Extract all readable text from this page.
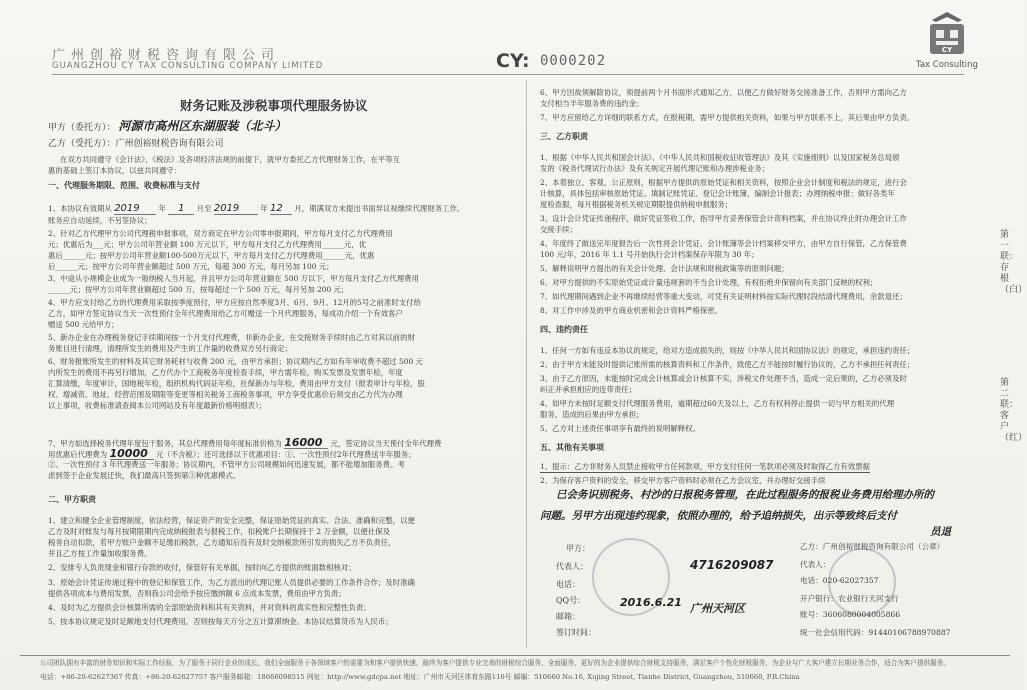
广州创裕财税咨询有限公司
GUANGZHOU CY TAX CONSULTING COMPANY LIMITED	CY: 0000202
CY
Tax Consulting
财务记账及涉税事项代理服务协议
甲方（委托方）： 河源市高州区东湖服装（北斗）
乙方（受托方）：广州创裕财税咨询有限公司
在双方共同遵守《会计法》、《税法》及各项经济法规的前提下，就甲方委托乙方代理财务工作，在平等互
惠的基础上签订本协议，以兹共同遵守：
一、代理服务期限、范围、收费标准与支付
1、本协议有效期从 2019	年 1 月至 2019	年 12 月，期满双方未提出书面异议视继续代理财务工作。
账务应自动延续，不另签协议；
2、针对乙方代理甲方公司代理税申报事项，双方商定在甲方公司零申报期间，甲方每月支付乙方代理费用
元；优惠后为___元；甲方公司年营业额 100 万元以下，甲方每月支付乙方代理费用______元，优
惠后______元；按甲方公司年营业额100-500万元以下，甲方每月支付乙方代理费用______元，优惠
后______元；按甲方公司年营业额超过 500 万元，每超 300 万元，每月另加 100 元；
3、中途从小规模企业成为一般纳税人当月起，并且甲方公司年营业额在 500 万以下，甲方每月支付乙方代理费用
______元；按甲方公司年营业额超过 500 万，按每超过一个 500 万元，每月另加 200 元；
4、甲方应支付给乙方的代理费用采取按季度预付，甲方应按自然季度3月、6月、9月、12月的5号之前准时支付给
乙方，如甲方签定协议当天一次性预付全年代理费用给乙方可赠送一个月代理服务，每成功介绍一个有效客户
赠送 500 元给甲方；
5、新办企业在办理税务登记手续期间按一个月支付代理费，非新办企业，在交接财务手续时由乙方对其以前的财
务账目进行清理，清理所发生的费用及产生的工作量的收费双方另行商定；
6、财务报账所发生的材料及其它财务耗材与收费 200 元，由甲方承担；协议期内乙方如有年审收费不超过 500 元
内所发生的费用不再另行增加，乙方代办个工商税务年度检查手续，甲方需年检，购买发票及发票年检，年度
汇算清缴，年度审计，国地税年检，组织机构代码证年检，社保新办与年检，费用由甲方支付（报表审计与年检，股
权、增减资、地址、经营范围及期限等变更等相关税务工商税务事项，甲方享受优惠价后须交由乙方代为办理
以上事项，收费标准请查阅本公司网站及有年度最新价格明细表）；
7、甲方如选择税务代理年度包干服务，其总代理费用每年度标准价格为 16000 元，签定协议当天预付全年代理费
用优惠后代理费为 10000 元（不含税）；还可选择以下优惠项目：①、一次性预付2年代理费送半年服务；
②、一次性预付 3 年代理费送一年服务；协议期内，不管甲方公司规模如何迅速发展，都不能增加服务费。考
虑到签于企业发展迁快，我们最高只签到第③种优惠模式。
二、甲方职责
1、建立和健全企业管理制度，依法经营，保证资产的安全完整，保证原始凭证的真实、合法、准确和完整，以便
乙方及时对账发与每月按期限期内完成纳税报表与报税工作，扣税账户长期保持于 2 万金额，以便社保及
税务自动扣款，若甲方账户金额不足缴扣税款，乙方通知后没有及时交纳税款所引发的损失乙方不负责任，
并且乙方按工作量加收服务费。
2、安排专人负责现金和银行存款的收付，保管好有关单据，按时向乙方提供的账面数相核对；
3、原始会计凭证传递过程中的登记和保管工作，为乙方派出的代理记账人员提供必要的工作条件合作；及时准确
提供各项成本与费用发票，否则我公司会给予按应缴纳额 6 点成本发票，费用由甲方负责；
4、及时为乙方提供会计核算所需的全部原始资料和其有关资料，并对资料的真实性和完整性负责；
5、按本协议规定及时足额地支付代理费用，否则按每天万分之五计算滞纳金。本协议结算货币为人民币；
6、甲方因故须解除协议，须提前两个月书面形式通知乙方，以便乙方做好财务交接准备工作，否则甲方需向乙方
支付相当半年服务费的违约金；
7、甲方应留给乙方详细的联系方式，在报税期，需甲方提供相关资料，如果与甲方联系不上，其后果由甲方负责。
三、乙方职责
1、根据《中华人民共和国会计法》、《中华人民共和国税收征收管理法》及其《实施细则》以及国家税务总局颁
发的《税务代理试行办法》及有关规定开展代理记账和办理涉税业务；
2、本着独立、客观、公正原则，根据甲方提供的原始凭证和相关资料，按照企业会计制度和税法的规定，进行会
计核算，具体包括审核原始凭证、填制记账凭证、登记会计账簿，编制会计报表；办理纳税申报；做好各类年
度检查服，每月根据税务机关规定期限提供纳税申报服务；
3、设计会计凭证传递程序，做好凭证签收工作，指导甲方妥善保管会计资料档案，并在协议终止时办理会计工作
交接手续；
4、年度终了做送完年度报告后一次性将会计凭证、会计账簿等会计档案移交甲方，由甲方自行保管，乙方保管费
100 元/年，2016 年 1.1 号开始执行会计档案保存年限为 30 年；
5、解释说明甲方提出的有关会计处理、会计法规和财税政策等的原则问题；
6、对甲方提供的不实原始凭证或计量违规套的不当会计处理，有权拒绝并保留向有关部门反映的权利；
7、如代理期间遇到企业不再继续经营等重大变动，可凭有关证明材料按实际代理时段结清代理费用，余款退还；
8、对工作中涉及的甲方商业机密和会计资料严格保密。
四、违约责任
1、任何一方如有违反本协议的规定，给对方造成损失的，则按《中华人民共和国协议法》的规定，承担违约责任；
2、由于甲方未能及时提供记账所需的核算资料和工作条件，致使乙方不能按时履行协议的，乙方不承担任何责任；
3、由于乙方原因，未能按时完成会计核算或会计核算不实，涉税文件处理不当，造成一定后果的，乙方必须及时
纠正并承担相应的连带责任；
4、如甲方未按时足额支付代理服务费用，逾期超过60天及以上，乙方有权利停止提供一切与甲方相关的代理
服务，造成的后果由甲方承担；
5、乙方对上述责任事项享有最终的说明解释权。
五、其他有关事项
1、提示：乙方非财务人员禁止接收甲方任何款项，甲方支付任何一笔款项必须及时取得乙方有效票据
2、为保存客户资料的安全，移交甲方客户资料时必须在乙方会议室，并办理好交接手续
已会务识别税务、村沙的日报税务管理，在此过程服务的报税业务费用给理办所的
问题。另甲方出现违约现象，依照办理的，给予追纳损失，出示等致终后支付
员退
甲方：
代表人：	4716209087
电话：
QQ号：
邮箱：
签订时间：
2016.6.21 广州天河区
乙方：广州创裕财税咨询有限公司（公章）
代表人：
电话：020-62027357
开户银行：农业银行天河支行
账号：3606080004005866
统一社会信用代码：91440106788970887
第一联：存根（白）
第二联：客户（红）
公司团队拥有丰富的财务知识和实际工作经验，为了服务于同行企业的成长，我们全面服务于各领域客户的需要为和客户提供快速，最终为客户提供专业完善的财税综合服务，全面服务，更好的为企业提供综合财税支持服务，满足客户个性化财税服务，为企业与广大客户建立长期业务合作，适合为客户提供服务。
电话：+86-20-62627367 传真：+86-20-62627757 客户服务邮箱：18666098515 网址：http://www.gdcpa.net 地址：广州市天河区体育东路116号 邮编：510660 No.16, Xujing Street, Tianhe District, Guangzhou, 510660, P.R.China
